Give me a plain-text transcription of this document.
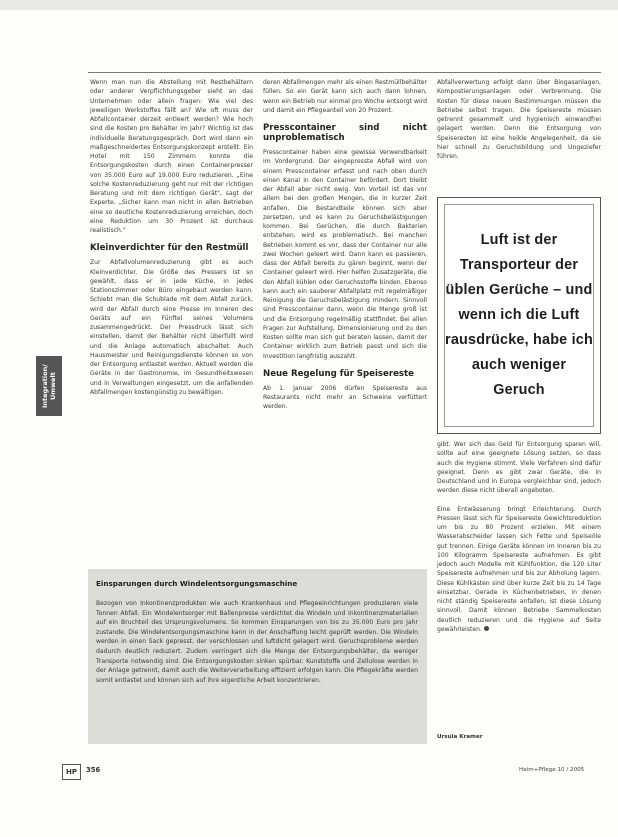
Integration/ Umwelt

Wenn man nun die Abstellung mit Restbehältern oder anderer Verpflichtungsgeber sieht an das Unternehmen oder allein fragen: Wie viel des jeweiligen Werkstoffes fällt an? Wie oft muss der Abfallcontainer derzeit entleert werden? Wie hoch sind die Kosten pro Behälter im Jahr? Wichtig ist das individuelle Beratungsgespräch. Dort wird dann ein maßgeschneidertes Entsorgungskonzept erstellt. Ein Hotel mit 150 Zimmern konnte die Entsorgungskosten durch einen Containerpresser von 35.000 Euro auf 19.000 Euro reduzieren. „Eine solche Kostenreduzierung geht nur mit der richtigen Beratung und mit dem richtigen Gerät", sagt der Experte. „Sicher kann man nicht in allen Betrieben eine so deutliche Kostenreduzierung erreichen, doch eine Reduktion um 30 Prozent ist durchaus realistisch."

Kleinverdichter für den Restmüll

Zur Abfallvolumenreduzierung gibt es auch Kleinverdichter. Die Größe des Pressers ist so gewählt, dass er in jede Küche, in jedes Stationszimmer oder Büro eingebaut werden kann. Schiebt man die Schublade mit dem Abfall zurück, wird der Abfall durch eine Presse im Inneren des Geräts auf ein Fünftel seines Volumens zusammengedrückt. Der Pressdruck lässt sich einstellen, damit der Behälter nicht überfüllt wird und die Anlage automatisch abschaltet. Auch Hausmeister und Reinigungsdienste können so von der Entsorgung entlastet werden. Aktuell werden die Geräte in der Gastronomie, im Gesundheitswesen und in Verwaltungen eingesetzt, um die anfallenden Abfallmengen kostengünstig zu bewältigen.

deren Abfallmengen mehr als einen Restmüllbehälter füllen. So ein Gerät kann sich auch dann lohnen, wenn ein Betrieb nur einmal pro Woche entsorgt wird und damit ein Pflegeanteil von 20 Prozent.

Presscontainer sind nicht unproblematisch

Presscontainer haben eine gewisse Verwendbarkeit im Vordergrund. Der eingepresste Abfall wird von einem Presscontainer erfasst und nach oben durch einen Kanal in den Container befördert. Dort bleibt der Abfall aber nicht ewig. Von Vorteil ist das vor allem bei den großen Mengen, die in kurzer Zeit anfallen. Die Bestandteile können sich aber zersetzen, und es kann zu Geruchsbelästigungen kommen. Bei Gerüchen, die durch Bakterien entstehen, wird es problematisch. Bei manchen Betrieben kommt es vor, dass der Container nur alle zwei Wochen geleert wird. Dann kann es passieren, dass der Abfall bereits zu gären beginnt, wenn der Container geleert wird. Hier helfen Zusatzgeräte, die den Abfall kühlen oder Geruchsstoffe binden. Ebenso kann auch ein sauberer Abfallplatz mit regelmäßiger Reinigung die Geruchsbelästigung mindern. Sinnvoll sind Presscontainer dann, wenn die Menge groß ist und die Entsorgung regelmäßig stattfindet. Bei allen Fragen zur Aufstellung, Dimensionierung und zu den Kosten sollte man sich gut beraten lassen, damit der Container wirklich zum Betrieb passt und sich die Investition langfristig auszahlt.

Neue Regelung für Speisereste

Ab 1. Januar 2006 dürfen Speisereste aus Restaurants nicht mehr an Schweine verfüttert werden.

Abfallverwertung erfolgt dann über Biogasanlagen, Kompostierungsanlagen oder Verbrennung. Die Kosten für diese neuen Bestimmungen müssen die Betriebe selbst tragen. Die Speisereste müssen getrennt gesammelt und hygienisch einwandfrei gelagert werden. Denn die Entsorgung von Speiseresten ist eine heikle Angelegenheit, da sie hier schnell zu Geruchsbildung und Ungeziefer führen.

Luft ist der Transporteur der üblen Gerüche – und wenn ich die Luft rausdrücke, habe ich auch weniger Geruch

gibt. Wer sich das Geld für Entsorgung sparen will, sollte auf eine geeignete Lösung setzen, so dass auch die Hygiene stimmt. Viele Verfahren sind dafür geeignet. Denn es gibt zwar Geräte, die in Deutschland und in Europa vergleichbar sind, jedoch werden diese nicht überall angeboten.

Eine Entwässerung bringt Erleichterung. Durch Pressen lässt sich für Speisereste Gewichtsreduktion um bis zu 80 Prozent erzielen. Mit einem Wasserabscheider lassen sich Fette und Speiseöle gut trennen. Einige Geräte können im Inneren bis zu 100 Kilogramm Speisereste aufnehmen. Es gibt jedoch auch Modelle mit Kühlfunktion, die 120 Liter Speisereste aufnehmen und bis zur Abholung lagern. Diese Kühlkästen sind über kurze Zeit bis zu 14 Tage einsetzbar. Gerade in Küchenbetrieben, in denen nicht ständig Speisereste anfallen, ist diese Lösung sinnvoll. Damit können Betriebe Sammelkosten deutlich reduzieren und die Hygiene auf Seite gewährleisten.

Einsparungen durch Windelentsorgungsmaschine
Bezogen von Inkontinenzprodukten wie auch Krankenhaus und Pflegeeinrichtungen produzieren viele Tonnen Abfall. Ein Windelentsorger mit Ballenpresse verdichtet die Windeln und Inkontinenzmaterialien auf ein Bruchteil des Ursprungsvolumens. So kommen Einsparungen von bis zu 35.000 Euro pro Jahr zustande. Die Windelentsorgungsmaschine kann in der Anschaffung leicht geprüft werden. Die Windeln werden in einen Sack gepresst, der verschlossen und luftdicht gelagert wird. Geruchsprobleme werden dadurch deutlich reduziert. Zudem verringert sich die Menge der Entsorgungsbehälter, da weniger Transporte notwendig sind. Die Entsorgungskosten sinken spürbar. Kunststoffe und Zellulose werden in der Anlage getrennt, damit auch die Weiterverarbeitung effizient erfolgen kann. Die Pflegekräfte werden somit entlastet und können sich auf ihre eigentliche Arbeit konzentrieren.
Ursula Kramer
HP	356	Heim+Pflege 10 / 2005
